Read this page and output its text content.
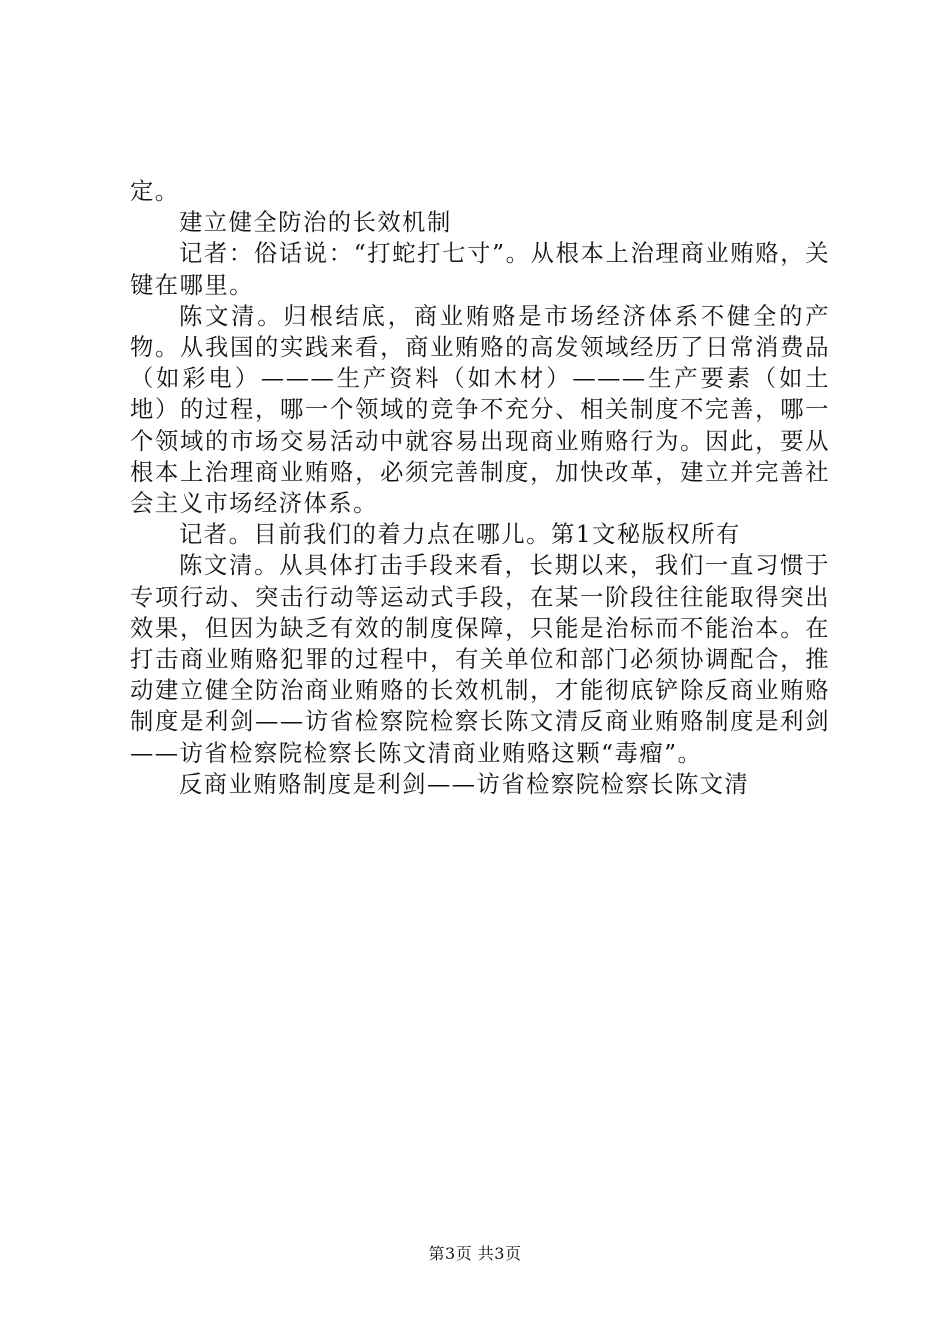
定。

建立健全防治的长效机制

记者：俗话说：“打蛇打七寸”。从根本上治理商业贿赂，关键在哪里。

陈文清。归根结底，商业贿赂是市场经济体系不健全的产物。从我国的实践来看，商业贿赂的高发领域经历了日常消费品（如彩电）———生产资料（如木材）———生产要素（如土地）的过程，哪一个领域的竞争不充分、相关制度不完善，哪一个领域的市场交易活动中就容易出现商业贿赂行为。因此，要从根本上治理商业贿赂，必须完善制度，加快改革，建立并完善社会主义市场经济体系。

记者。目前我们的着力点在哪儿。第1文秘版权所有

陈文清。从具体打击手段来看，长期以来，我们一直习惯于专项行动、突击行动等运动式手段，在某一阶段往往能取得突出效果，但因为缺乏有效的制度保障，只能是治标而不能治本。在打击商业贿赂犯罪的过程中，有关单位和部门必须协调配合，推动建立健全防治商业贿赂的长效机制，才能彻底铲除反商业贿赂制度是利剑——访省检察院检察长陈文清反商业贿赂制度是利剑——访省检察院检察长陈文清商业贿赂这颗“毒瘤”。

反商业贿赂制度是利剑——访省检察院检察长陈文清

第3页 共3页
